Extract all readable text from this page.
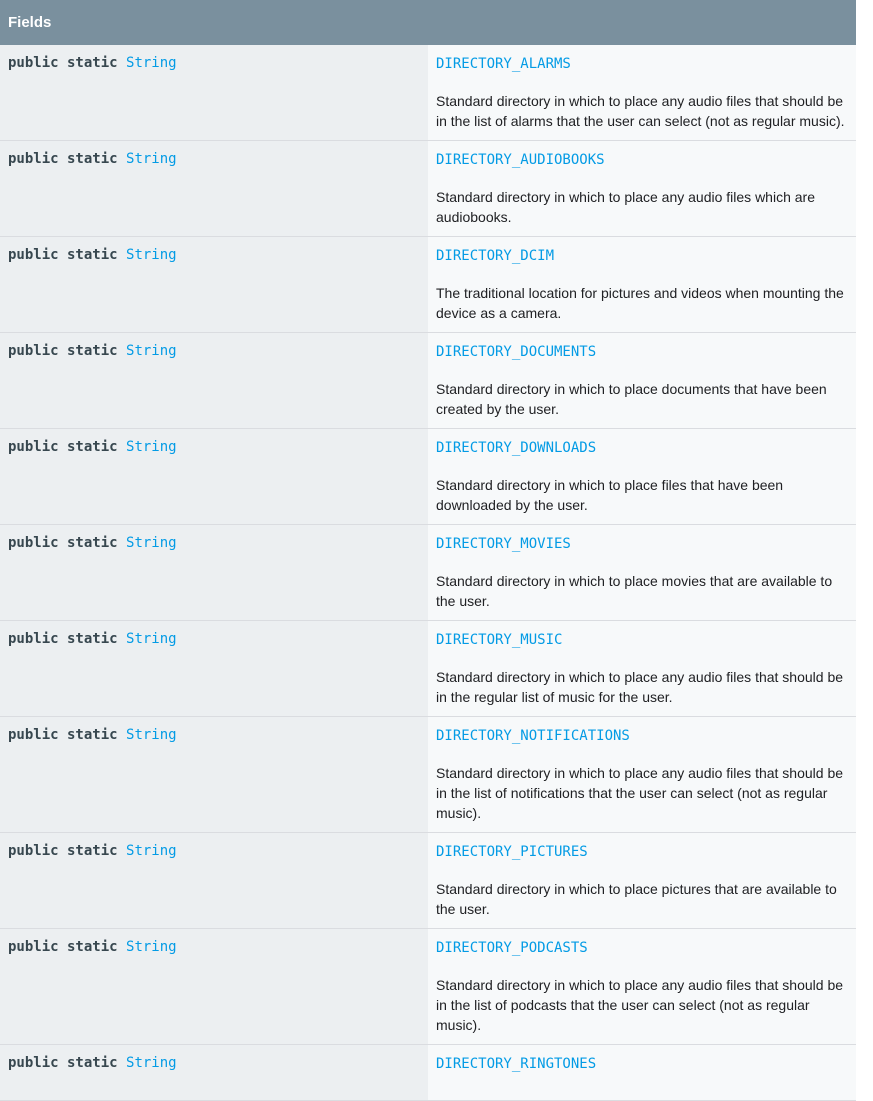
Fields	
public static String	DIRECTORY_ALARMS

Standard directory in which to place any audio files that should be in the list of alarms that the user can select (not as regular music).

public static String	DIRECTORY_AUDIOBOOKS

Standard directory in which to place any audio files which are audiobooks.

public static String	DIRECTORY_DCIM

The traditional location for pictures and videos when mounting the device as a camera.

public static String	DIRECTORY_DOCUMENTS

Standard directory in which to place documents that have been created by the user.

public static String	DIRECTORY_DOWNLOADS

Standard directory in which to place files that have been downloaded by the user.

public static String	DIRECTORY_MOVIES

Standard directory in which to place movies that are available to the user.

public static String	DIRECTORY_MUSIC

Standard directory in which to place any audio files that should be in the regular list of music for the user.

public static String	DIRECTORY_NOTIFICATIONS

Standard directory in which to place any audio files that should be in the list of notifications that the user can select (not as regular music).

public static String	DIRECTORY_PICTURES

Standard directory in which to place pictures that are available to the user.

public static String	DIRECTORY_PODCASTS

Standard directory in which to place any audio files that should be in the list of podcasts that the user can select (not as regular music).

public static String	DIRECTORY_RINGTONES
